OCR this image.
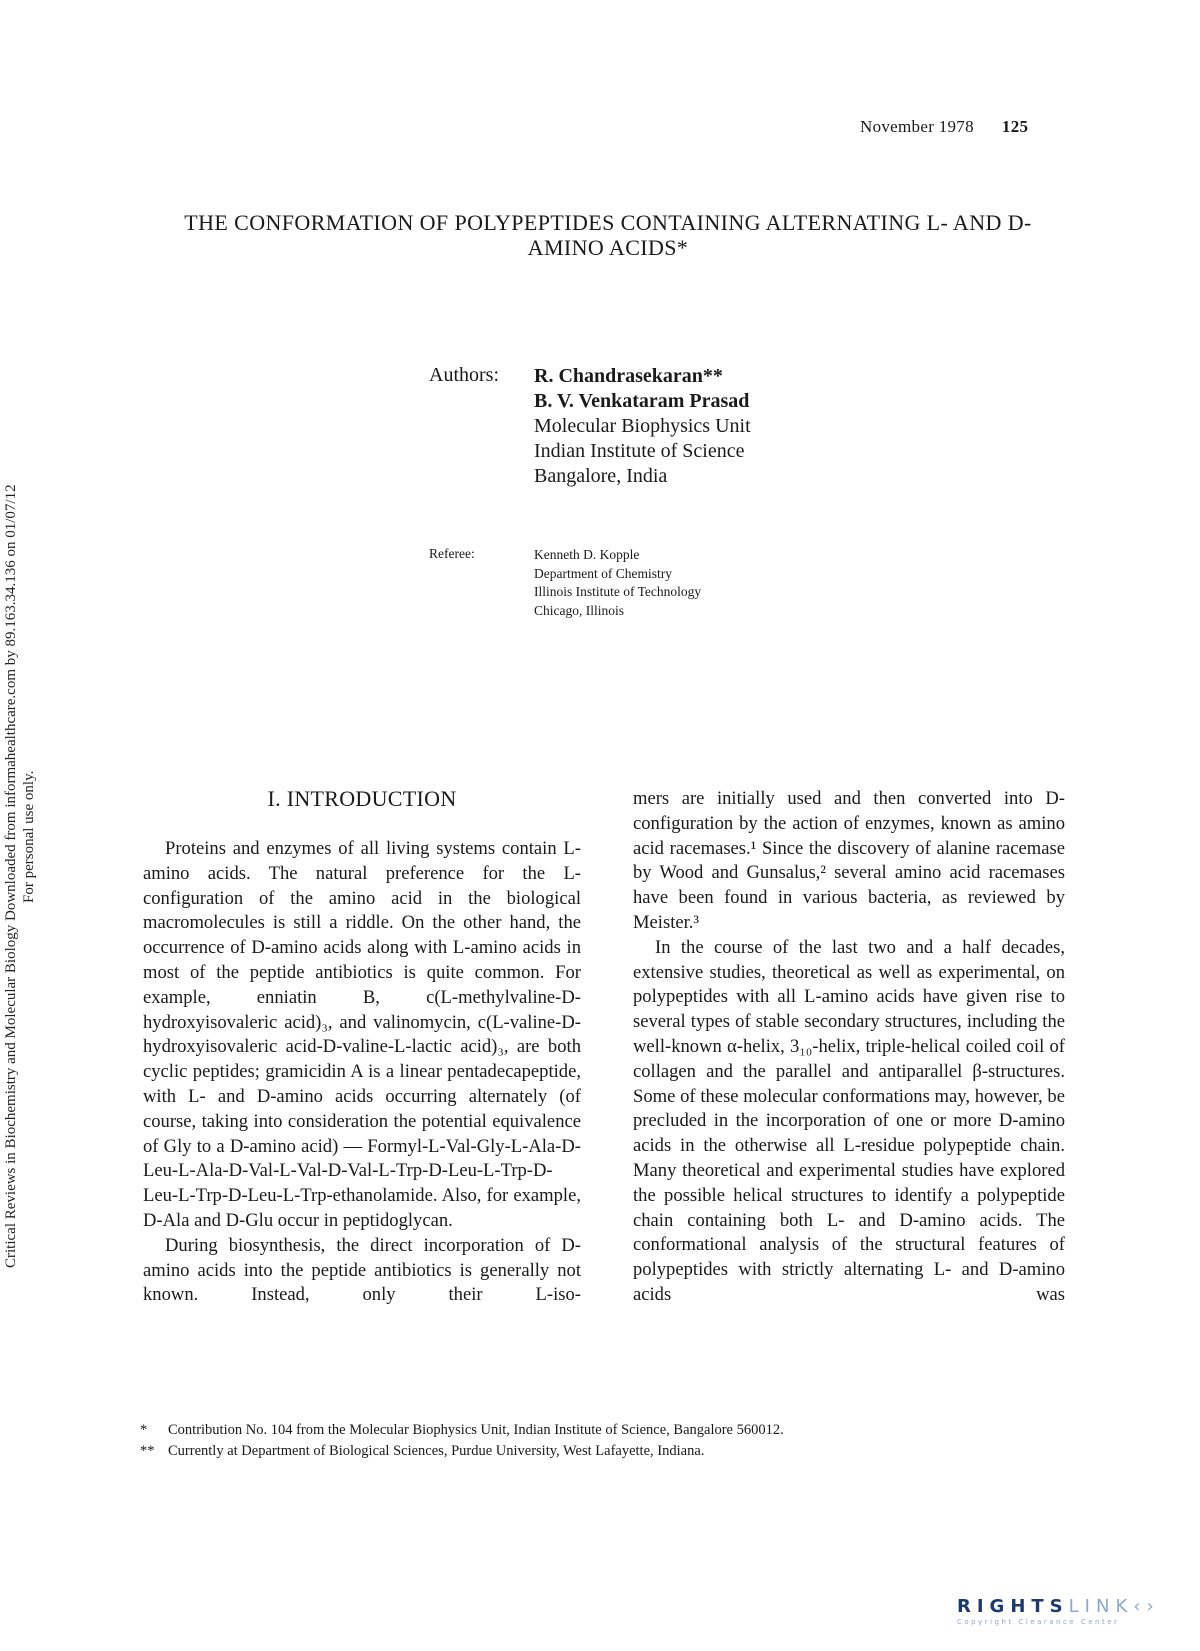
Critical Reviews in Biochemistry and Molecular Biology Downloaded from informahealthcare.com by 89.163.34.136 on 01/07/12 For personal use only.
November 1978 125
THE CONFORMATION OF POLYPEPTIDES CONTAINING ALTERNATING L- AND D-AMINO ACIDS*
Authors: R. Chandrasekaran**
B. V. Venkataram Prasad
Molecular Biophysics Unit
Indian Institute of Science
Bangalore, India
Referee:	Kenneth D. Kopple
Department of Chemistry
Illinois Institute of Technology
Chicago, Illinois
I. INTRODUCTION

Proteins and enzymes of all living systems contain L-amino acids. The natural preference for the L-configuration of the amino acid in the biological macromolecules is still a riddle. On the other hand, the occurrence of D-amino acids along with L-amino acids in most of the peptide antibiotics is quite common. For example, enniatin B, c(L-methylvaline-D-hydroxyisovaleric acid)₃, and valinomycin, c(L-valine-D-hydroxyisovaleric acid-D-valine-L-lactic acid)₃, are both cyclic peptides; gramicidin A is a linear pentadecapeptide, with L- and D-amino acids occurring alternately (of course, taking into consideration the potential equivalence of Gly to a D-amino acid) — Formyl-L-Val-Gly-L-Ala-D-Leu-L-Ala-D-Val-L-Val-D-Val-L-Trp-D-Leu-L-Trp-D-Leu-L-Trp-D-Leu-L-Trp-ethanolamide. Also, for example, D-Ala and D-Glu occur in peptidoglycan.

During biosynthesis, the direct incorporation of D-amino acids into the peptide antibiotics is generally not known. Instead, only their L-iso-

mers are initially used and then converted into D-configuration by the action of enzymes, known as amino acid racemases.¹ Since the discovery of alanine racemase by Wood and Gunsalus,² several amino acid racemases have been found in various bacteria, as reviewed by Meister.³

In the course of the last two and a half decades, extensive studies, theoretical as well as experimental, on polypeptides with all L-amino acids have given rise to several types of stable secondary structures, including the well-known α-helix, 3₁₀-helix, triple-helical coiled coil of collagen and the parallel and antiparallel β-structures. Some of these molecular conformations may, however, be precluded in the incorporation of one or more D-amino acids in the otherwise all L-residue polypeptide chain. Many theoretical and experimental studies have explored the possible helical structures to identify a polypeptide chain containing both L- and D-amino acids. The conformational analysis of the structural features of polypeptides with strictly alternating L- and D-amino acids was

* Contribution No. 104 from the Molecular Biophysics Unit, Indian Institute of Science, Bangalore 560012.
** Currently at Department of Biological Sciences, Purdue University, West Lafayette, Indiana.
RIGHTSLINK‹›
Copyright Clearance Center
